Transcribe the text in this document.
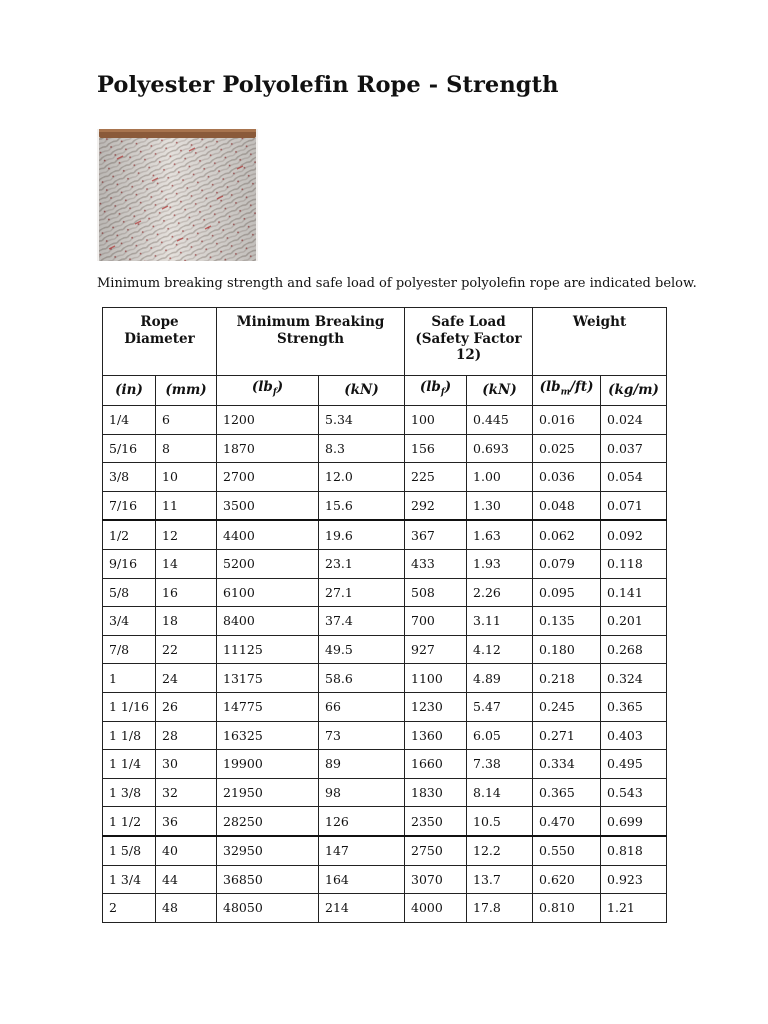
Polyester Polyolefin Rope - Strength
Minimum breaking strength and safe load of polyester polyolefin rope are indicated below.
Rope Diameter		Minimum Breaking Strength		Safe Load (Safety Factor 12)		Weight	
(in)	(mm)	$(lb_f)$	(kN)	$(lb_f)$	(kN)	$(lb_m/ft)$	(kg/m)
1/4	6	1200	5.34	100	0.445	0.016	0.024
5/16	8	1870	8.3	156	0.693	0.025	0.037
3/8	10	2700	12.0	225	1.00	0.036	0.054
7/16	11	3500	15.6	292	1.30	0.048	0.071
1/2	12	4400	19.6	367	1.63	0.062	0.092
9/16	14	5200	23.1	433	1.93	0.079	0.118
5/8	16	6100	27.1	508	2.26	0.095	0.141
3/4	18	8400	37.4	700	3.11	0.135	0.201
7/8	22	11125	49.5	927	4.12	0.180	0.268
1	24	13175	58.6	1100	4.89	0.218	0.324
1 1/16	26	14775	66	1230	5.47	0.245	0.365
1 1/8	28	16325	73	1360	6.05	0.271	0.403
1 1/4	30	19900	89	1660	7.38	0.334	0.495
1 3/8	32	21950	98	1830	8.14	0.365	0.543
1 1/2	36	28250	126	2350	10.5	0.470	0.699
1 5/8	40	32950	147	2750	12.2	0.550	0.818
1 3/4	44	36850	164	3070	13.7	0.620	0.923
2	48	48050	214	4000	17.8	0.810	1.21
